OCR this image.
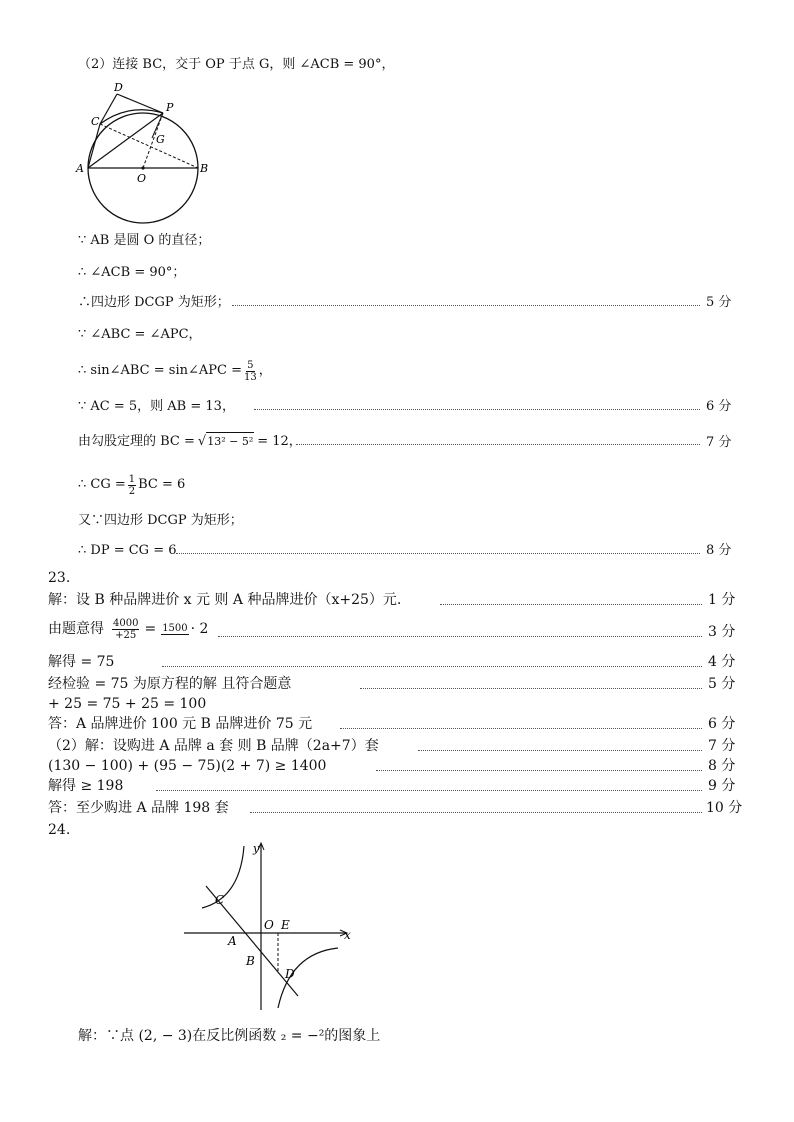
（2）连接 BC，交于 OP 于点 G，则 ∠ACB = 90°，
D
P
C
G
A
O
B
∵ AB 是圆 O 的直径；
∴ ∠ACB = 90°；
∴四边形 DCGP 为矩形；	5 分
∵ ∠ABC = ∠APC，
∴ sin∠ABC = sin∠APC = $\frac{5}{13}$ ，
∵ AC = 5，则 AB = 13，	6 分
由勾股定理的 BC = √ 13² − 5² = 12，	7 分
∴ CG = $\frac{1}{2}$ BC = 6
又∵四边形 DCGP 为矩形；
∴ DP = CG = 6	8 分
23.
解：设 B 种品牌进价 x 元 则 A 种品牌进价（x+25）元.	1 分
由题意得 $\frac{4000}{+25} = 1500 \cdot 2$	3 分
解得 = 75	4 分
经检验 = 75 为原方程的解 且符合题意	5 分
+ 25 = 75 + 25 = 100
答：A 品牌进价 100 元 B 品牌进价 75 元	6 分
（2）解：设购进 A 品牌 a 套 则 B 品牌（2a+7）套	7 分
(130 − 100) + (95 − 75)(2 + 7) ≥ 1400	8 分
解得 ≥ 198	9 分
答：至少购进 A 品牌 198 套	10 分
24.
y
x
C
O E
A
B
D
解：∵点 (2, − 3)在反比例函数 ₂ = −²的图象上
